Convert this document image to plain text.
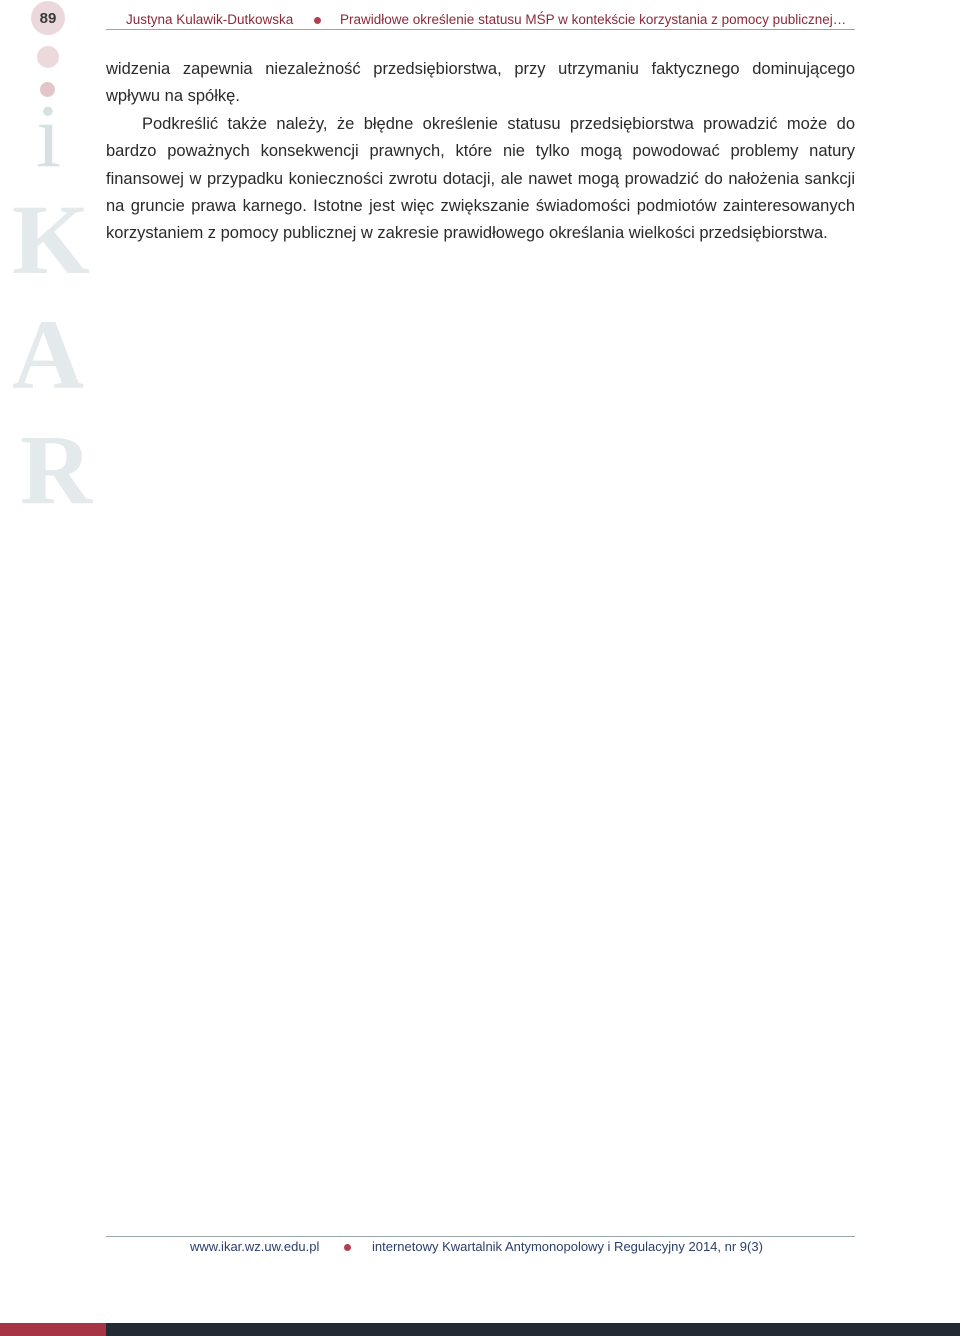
89
i
K
A
R
Justyna Kulawik-Dutkowska	Prawidłowe określenie statusu MŚP w kontekście korzystania z pomocy publicznej…

widzenia zapewnia niezależność przedsiębiorstwa, przy utrzymaniu faktycznego dominującego wpływu na spółkę.

Podkreślić także należy, że błędne określenie statusu przedsiębiorstwa prowadzić może do bardzo poważnych konsekwencji prawnych, które nie tylko mogą powodować problemy natury finansowej w przypadku konieczności zwrotu dotacji, ale nawet mogą prowadzić do nałożenia sankcji na gruncie prawa karnego. Istotne jest więc zwiększanie świadomości podmiotów zainteresowanych korzystaniem z pomocy publicznej w zakresie prawidłowego określania wielkości przedsiębiorstwa.

www.ikar.wz.uw.edu.pl	internetowy Kwartalnik Antymonopolowy i Regulacyjny 2014, nr 9(3)
